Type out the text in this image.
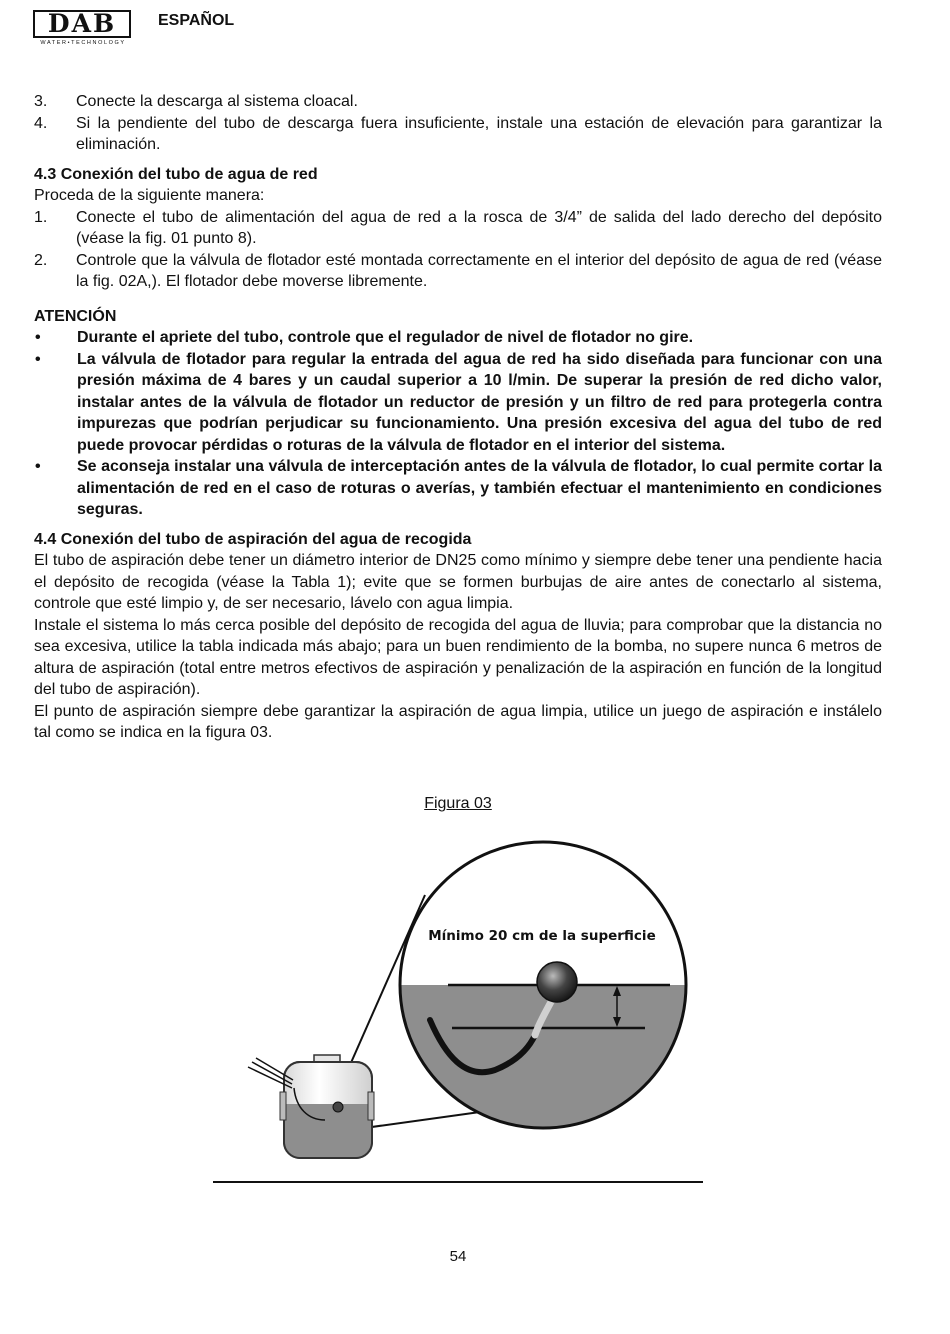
DAB
WATER•TECHNOLOGY
ESPAÑOL
3.	Conecte la descarga al sistema cloacal.
4.	Si la pendiente del tubo de descarga fuera insuficiente, instale una estación de elevación para garantizar la eliminación.

4.3 Conexión del tubo de agua de red

Proceda de la siguiente manera:

1.	Conecte el tubo de alimentación del agua de red a la rosca de 3/4” de salida del lado derecho del depósito (véase la fig. 01 punto 8).
2.	Controle que la válvula de flotador esté montada correctamente en el interior del depósito de agua de red (véase la fig. 02A,). El flotador debe moverse libremente.

ATENCIÓN

•	Durante el apriete del tubo, controle que el regulador de nivel de flotador no gire.
•	La válvula de flotador para regular la entrada del agua de red ha sido diseñada para funcionar con una presión máxima de 4 bares y un caudal superior a 10 l/min. De superar la presión de red dicho valor, instalar antes de la válvula de flotador un reductor de presión y un filtro de red para protegerla contra impurezas que podrían perjudicar su funcionamiento. Una presión excesiva del agua del tubo de red puede provocar pérdidas o roturas de la válvula de flotador en el interior del sistema.
•	Se aconseja instalar una válvula de interceptación antes de la válvula de flotador, lo cual permite cortar la alimentación de red en el caso de roturas o averías, y también efectuar el mantenimiento en condiciones seguras.

4.4 Conexión del tubo de aspiración del agua de recogida

El tubo de aspiración debe tener un diámetro interior de DN25 como mínimo y siempre debe tener una pendiente hacia el depósito de recogida (véase la Tabla 1); evite que se formen burbujas de aire antes de conectarlo al sistema, controle que esté limpio y, de ser necesario, lávelo con agua limpia.

Instale el sistema lo más cerca posible del depósito de recogida del agua de lluvia; para comprobar que la distancia no sea excesiva, utilice la tabla indicada más abajo; para un buen rendimiento de la bomba, no supere nunca 6 metros de altura de aspiración (total entre metros efectivos de aspiración y penalización de la aspiración en función de la longitud del tubo de aspiración).

El punto de aspiración siempre debe garantizar la aspiración de agua limpia, utilice un juego de aspiración e instálelo tal como se indica en la figura 03.

Figura 03
Mínimo 20 cm de la superficie
54
